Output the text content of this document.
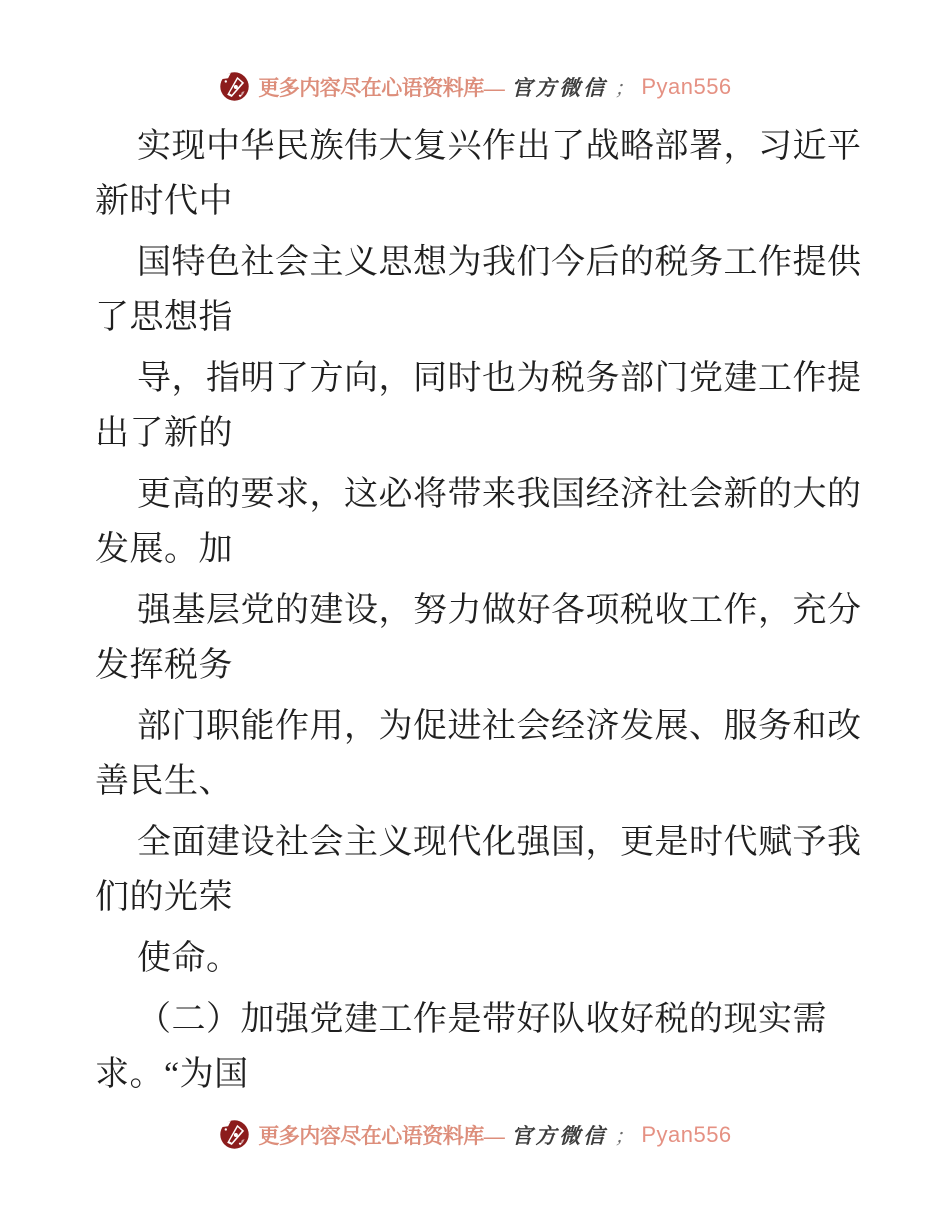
更多内容尽在心语资料库— 官方微信 ； Pyan556
实现中华民族伟大复兴作出了战略部署，习近平
新时代中
国特色社会主义思想为我们今后的税务工作提供
了思想指
导，指明了方向，同时也为税务部门党建工作提
出了新的
更高的要求，这必将带来我国经济社会新的大的
发展。加
强基层党的建设，努力做好各项税收工作，充分
发挥税务
部门职能作用，为促进社会经济发展、服务和改
善民生、
全面建设社会主义现代化强国，更是时代赋予我
们的光荣
使命。
（二）加强党建工作是带好队收好税的现实需
求。“为国
更多内容尽在心语资料库— 官方微信 ； Pyan556
